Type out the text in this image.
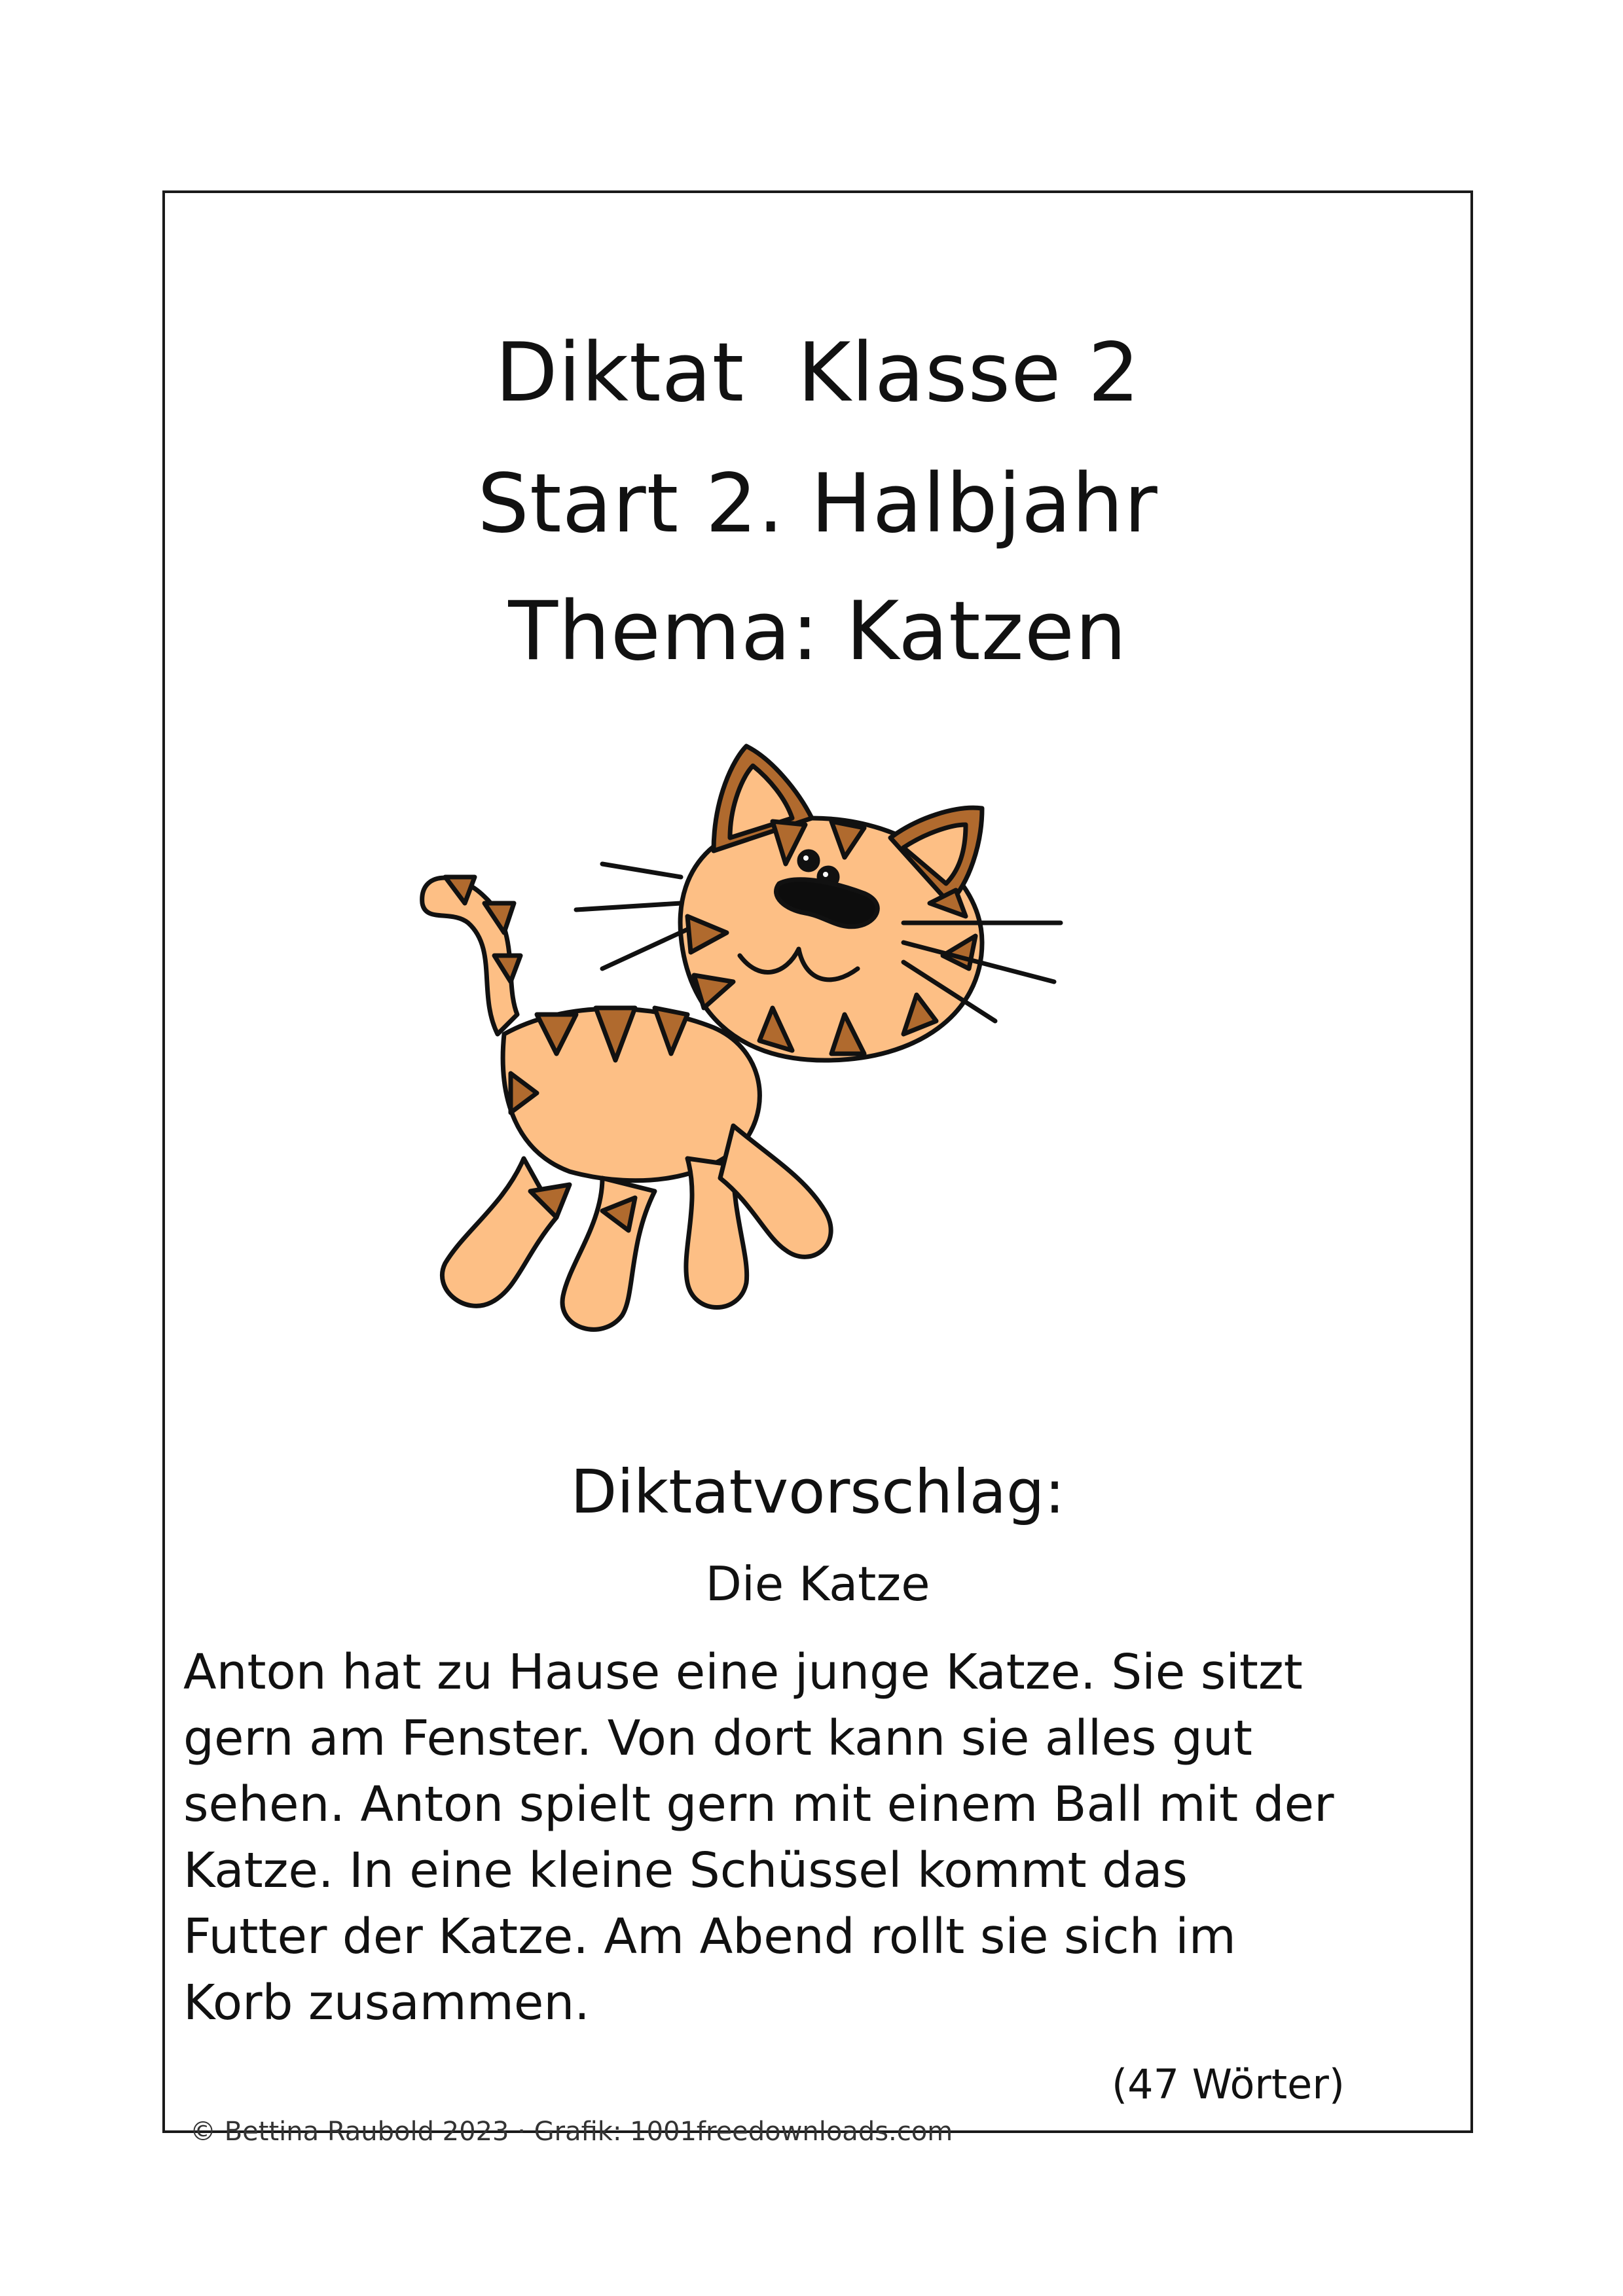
Diktat  Klasse 2
Start 2. Halbjahr
Thema: Katzen
Diktatvorschlag:
Die Katze
Anton hat zu Hause eine junge Katze. Sie sitzt
gern am Fenster. Von dort kann sie alles gut
sehen. Anton spielt gern mit einem Ball mit der
Katze. In eine kleine Schüssel kommt das
Futter der Katze. Am Abend rollt sie sich im
Korb zusammen.
(47 Wörter)
© Bettina Raubold 2023 · Grafik: 1001freedownloads.com
